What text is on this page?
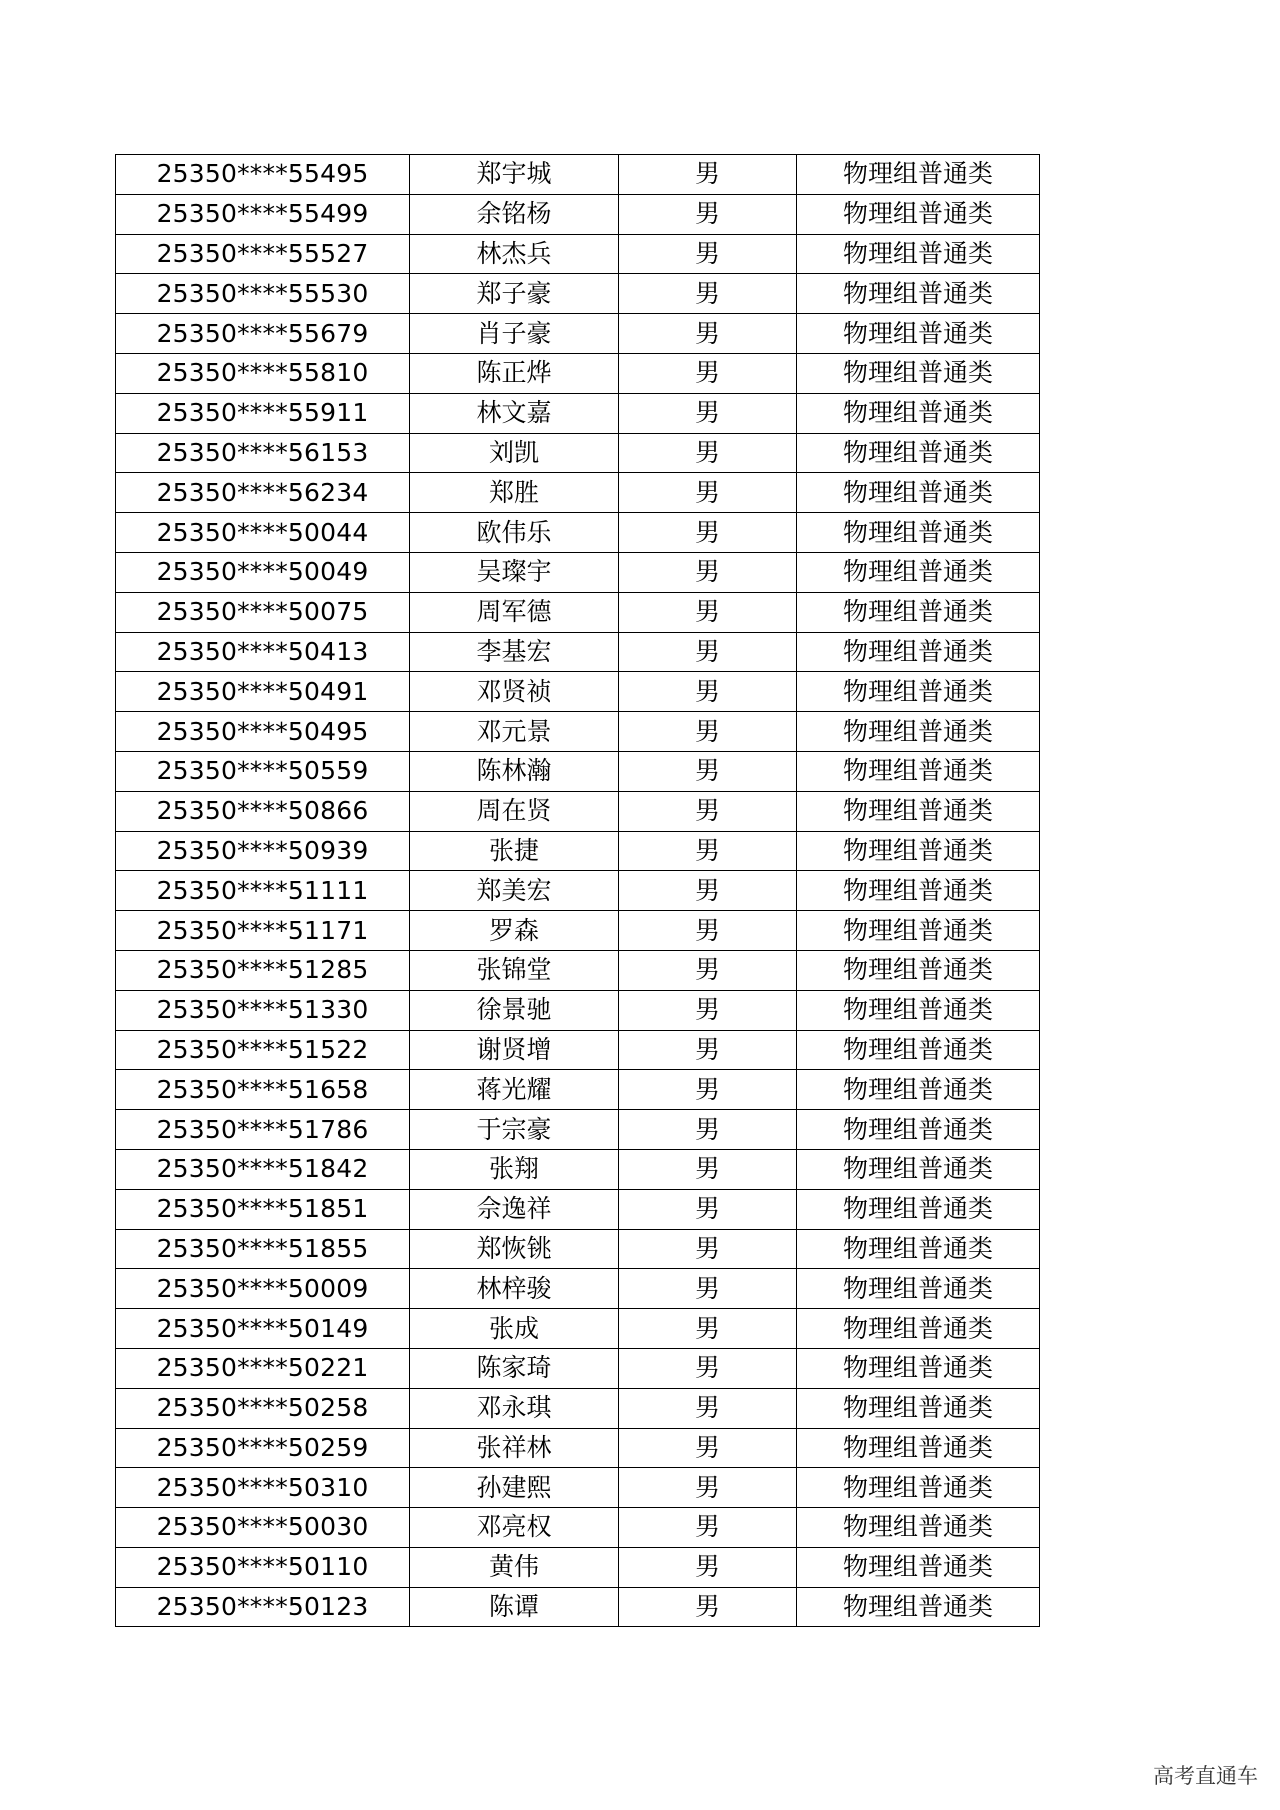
25350****55495	郑宇城	男	物理组普通类
25350****55499	余铭杨	男	物理组普通类
25350****55527	林杰兵	男	物理组普通类
25350****55530	郑子豪	男	物理组普通类
25350****55679	肖子豪	男	物理组普通类
25350****55810	陈正烨	男	物理组普通类
25350****55911	林文嘉	男	物理组普通类
25350****56153	刘凯	男	物理组普通类
25350****56234	郑胜	男	物理组普通类
25350****50044	欧伟乐	男	物理组普通类
25350****50049	吴璨宇	男	物理组普通类
25350****50075	周军德	男	物理组普通类
25350****50413	李基宏	男	物理组普通类
25350****50491	邓贤祯	男	物理组普通类
25350****50495	邓元景	男	物理组普通类
25350****50559	陈林瀚	男	物理组普通类
25350****50866	周在贤	男	物理组普通类
25350****50939	张捷	男	物理组普通类
25350****51111	郑美宏	男	物理组普通类
25350****51171	罗森	男	物理组普通类
25350****51285	张锦堂	男	物理组普通类
25350****51330	徐景驰	男	物理组普通类
25350****51522	谢贤增	男	物理组普通类
25350****51658	蒋光耀	男	物理组普通类
25350****51786	于宗豪	男	物理组普通类
25350****51842	张翔	男	物理组普通类
25350****51851	佘逸祥	男	物理组普通类
25350****51855	郑恢铫	男	物理组普通类
25350****50009	林梓骏	男	物理组普通类
25350****50149	张成	男	物理组普通类
25350****50221	陈家琦	男	物理组普通类
25350****50258	邓永琪	男	物理组普通类
25350****50259	张祥林	男	物理组普通类
25350****50310	孙建熙	男	物理组普通类
25350****50030	邓亮权	男	物理组普通类
25350****50110	黄伟	男	物理组普通类
25350****50123	陈谭	男	物理组普通类
高考直通车
